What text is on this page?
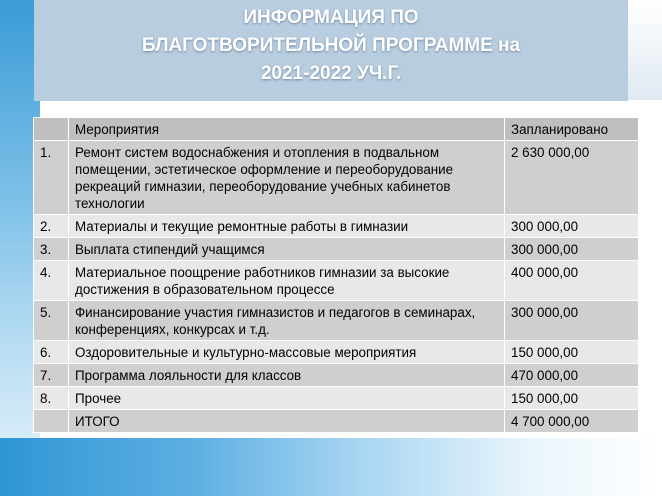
ИНФОРМАЦИЯ ПО
БЛАГОТВОРИТЕЛЬНОЙ ПРОГРАММЕ на
2021-2022 УЧ.Г.
	Мероприятия	Запланировано
1.	Ремонт систем водоснабжения и отопления в подвальном помещении, эстетическое оформление и переоборудование рекреаций гимназии, переоборудование учебных кабинетов технологии	2 630 000,00
2.	Материалы и текущие ремонтные работы в гимназии	300 000,00
3.	Выплата стипендий учащимся	300 000,00
4.	Материальное поощрение работников гимназии за высокие достижения в образовательном процессе	400 000,00
5.	Финансирование участия гимназистов и педагогов в семинарах, конференциях, конкурсах и т.д.	300 000,00
6.	Оздоровительные и культурно-массовые мероприятия	150 000,00
7.	Программа лояльности для классов	470 000,00
8.	Прочее	150 000,00
	ИТОГО	4 700 000,00
